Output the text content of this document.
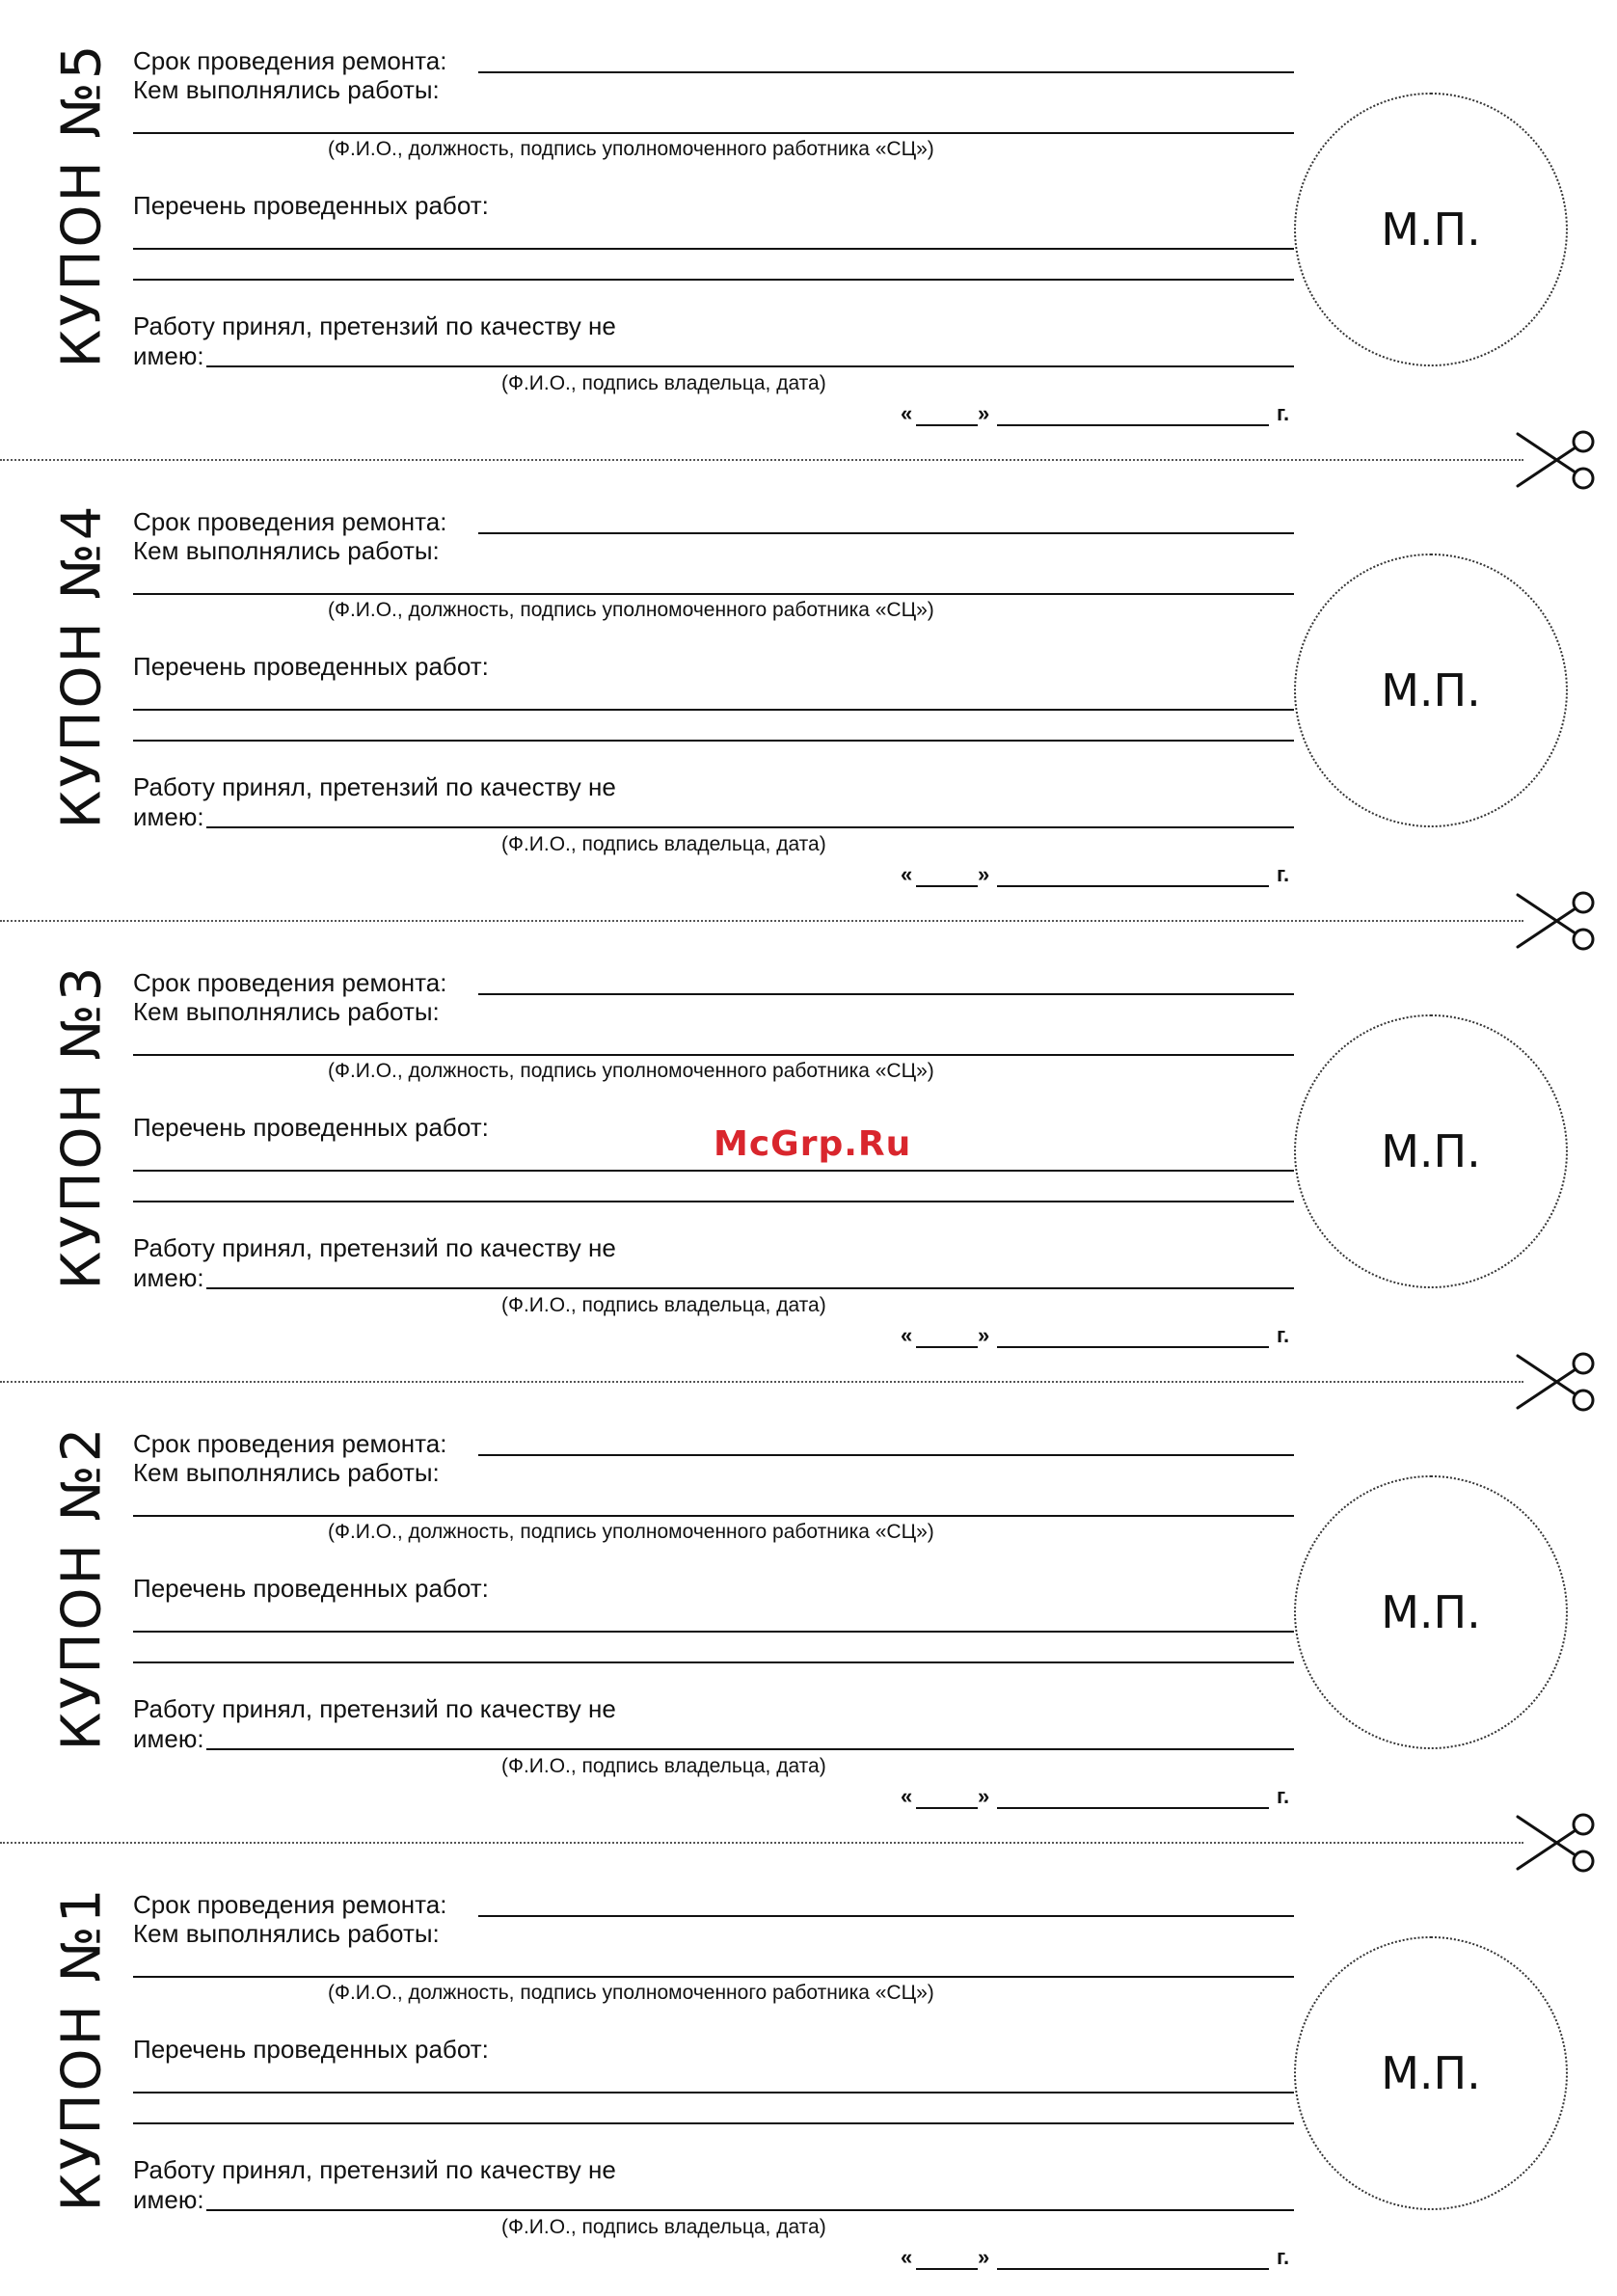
КУПОН №5 Срок проведения ремонта:
Кем выполнялись работы:
(Ф.И.О., должность, подпись уполномоченного работника «СЦ»)
Перечень проведенных работ:
Работу принял, претензий по качеству не
имею:
(Ф.И.О., подпись владельца, дата)
«	»	г.
М.П.
КУПОН №4 Срок проведения ремонта:
Кем выполнялись работы:
(Ф.И.О., должность, подпись уполномоченного работника «СЦ»)
Перечень проведенных работ:
Работу принял, претензий по качеству не
имею:
(Ф.И.О., подпись владельца, дата)
«	»	г.
М.П.
КУПОН №3 Срок проведения ремонта:
Кем выполнялись работы:
(Ф.И.О., должность, подпись уполномоченного работника «СЦ»)
Перечень проведенных работ:
Работу принял, претензий по качеству не
имею:
(Ф.И.О., подпись владельца, дата)
«	»	г.
М.П.
КУПОН №2 Срок проведения ремонта:
Кем выполнялись работы:
(Ф.И.О., должность, подпись уполномоченного работника «СЦ»)
Перечень проведенных работ:
Работу принял, претензий по качеству не
имею:
(Ф.И.О., подпись владельца, дата)
«	»	г.
М.П.
КУПОН №1 Срок проведения ремонта:
Кем выполнялись работы:
(Ф.И.О., должность, подпись уполномоченного работника «СЦ»)
Перечень проведенных работ:
Работу принял, претензий по качеству не
имею:
(Ф.И.О., подпись владельца, дата)
«	»	г.
М.П.
McGrp.Ru
